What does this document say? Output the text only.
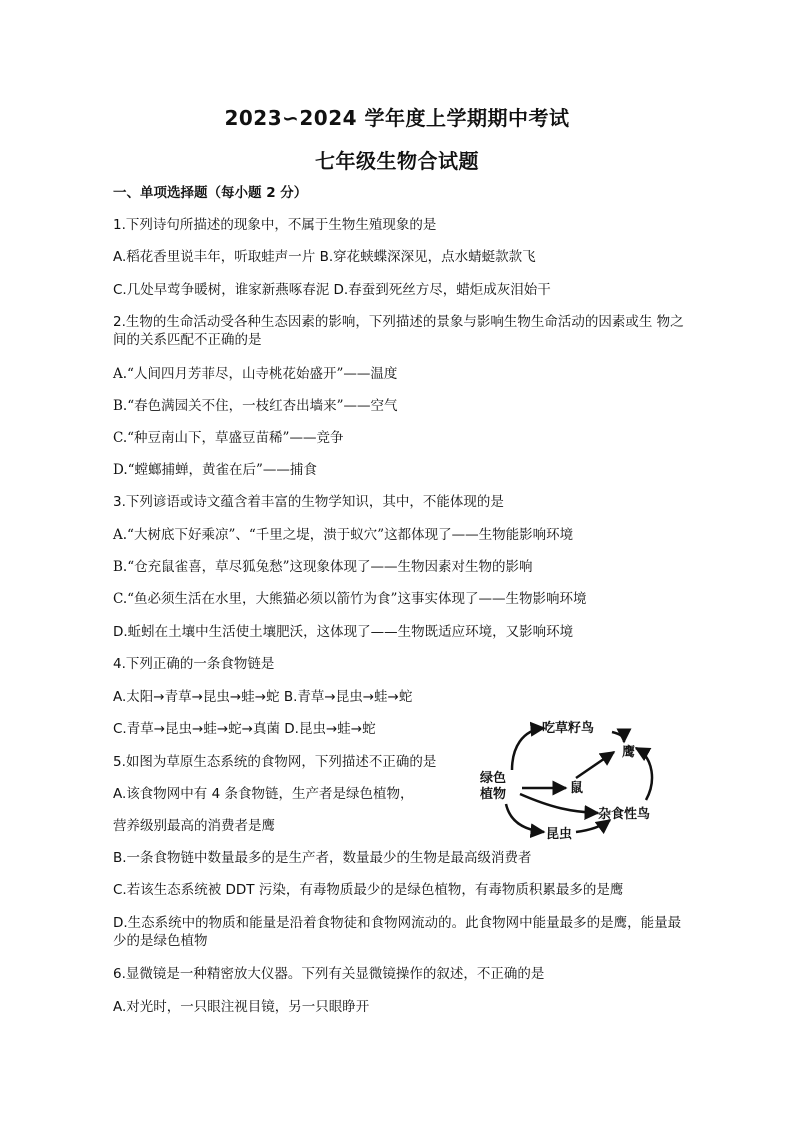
2023∽2024 学年度上学期期中考试
七年级生物合试题
一、单项选择题（每小题 2 分）
1.下列诗句所描述的现象中，不属于生物生殖现象的是
A.稻花香里说丰年，听取蛙声一片 B.穿花蛱蝶深深见，点水蜻蜓款款飞
C.几处早莺争暖树，谁家新燕啄春泥 D.春蚕到死丝方尽，蜡炬成灰泪始干
2.生物的生命活动受各种生态因素的影响，下列描述的景象与影响生物生命活动的因素或生 物之间的关系匹配不正确的是
A.“人间四月芳菲尽，山寺桃花始盛开”——温度
B.“春色满园关不住，一枝红杏出墙来”——空气
C.“种豆南山下，草盛豆苗稀”——竞争
D.“螳螂捕蝉，黄雀在后”——捕食
3.下列谚语或诗文蕴含着丰富的生物学知识，其中，不能体现的是
A.“大树底下好乘凉”、“千里之堤，溃于蚁穴”这都体现了——生物能影响环境
B.“仓充鼠雀喜，草尽狐兔愁”这现象体现了——生物因素对生物的影响
C.“鱼必须生活在水里，大熊猫必须以箭竹为食”这事实体现了——生物影响环境
D.蚯蚓在土壤中生活使土壤肥沃，这体现了——生物既适应环境，又影响环境
4.下列正确的一条食物链是
A.太阳→青草→昆虫→蛙→蛇 B.青草→昆虫→蛙→蛇
C.青草→昆虫→蛙→蛇→真菌 D.昆虫→蛙→蛇
5.如图为草原生态系统的食物网，下列描述不正确的是
A.该食物网中有 4 条食物链，生产者是绿色植物，
营养级别最高的消费者是鹰
B.一条食物链中数量最多的是生产者，数量最少的生物是最高级消费者
C.若该生态系统被 DDT 污染，有毒物质最少的是绿色植物，有毒物质积累最多的是鹰
D.生态系统中的物质和能量是沿着食物徒和食物网流动的。此食物网中能量最多的是鹰，能量最少的是绿色植物
6.显微镜是一种精密放大仪器。下列有关显微镜操作的叙述，不正确的是
A.对光时，一只眼注视目镜，另一只眼睁开
绿色
植物
吃草籽鸟
鹰
鼠
杂食性鸟
昆虫
